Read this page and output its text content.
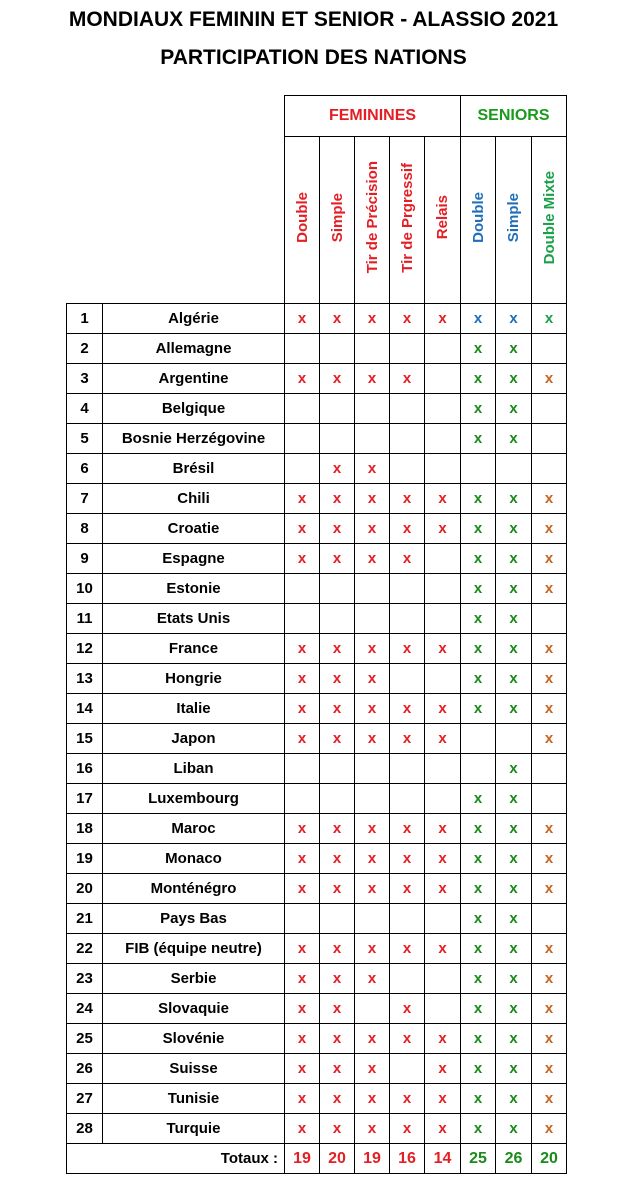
MONDIAUX FEMININ ET SENIOR - ALASSIO 2021
PARTICIPATION DES NATIONS
		FEMININES					SENIORS		
		Double	Simple	Tir de Précision	Tir de Prgressif	Relais	Double	Simple	Double Mixte
1	Algérie	x	x	x	x	x	x	x	x
2	Allemagne						x	x	
3	Argentine	x	x	x	x		x	x	x
4	Belgique						x	x	
5	Bosnie Herzégovine						x	x	
6	Brésil		x	x					
7	Chili	x	x	x	x	x	x	x	x
8	Croatie	x	x	x	x	x	x	x	x
9	Espagne	x	x	x	x		x	x	x
10	Estonie						x	x	x
11	Etats Unis						x	x	
12	France	x	x	x	x	x	x	x	x
13	Hongrie	x	x	x			x	x	x
14	Italie	x	x	x	x	x	x	x	x
15	Japon	x	x	x	x	x			x
16	Liban							x	
17	Luxembourg						x	x	
18	Maroc	x	x	x	x	x	x	x	x
19	Monaco	x	x	x	x	x	x	x	x
20	Monténégro	x	x	x	x	x	x	x	x
21	Pays Bas						x	x	
22	FIB (équipe neutre)	x	x	x	x	x	x	x	x
23	Serbie	x	x	x			x	x	x
24	Slovaquie	x	x		x		x	x	x
25	Slovénie	x	x	x	x	x	x	x	x
26	Suisse	x	x	x		x	x	x	x
27	Tunisie	x	x	x	x	x	x	x	x
28	Turquie	x	x	x	x	x	x	x	x
Totaux :		19	20	19	16	14	25	26	20
